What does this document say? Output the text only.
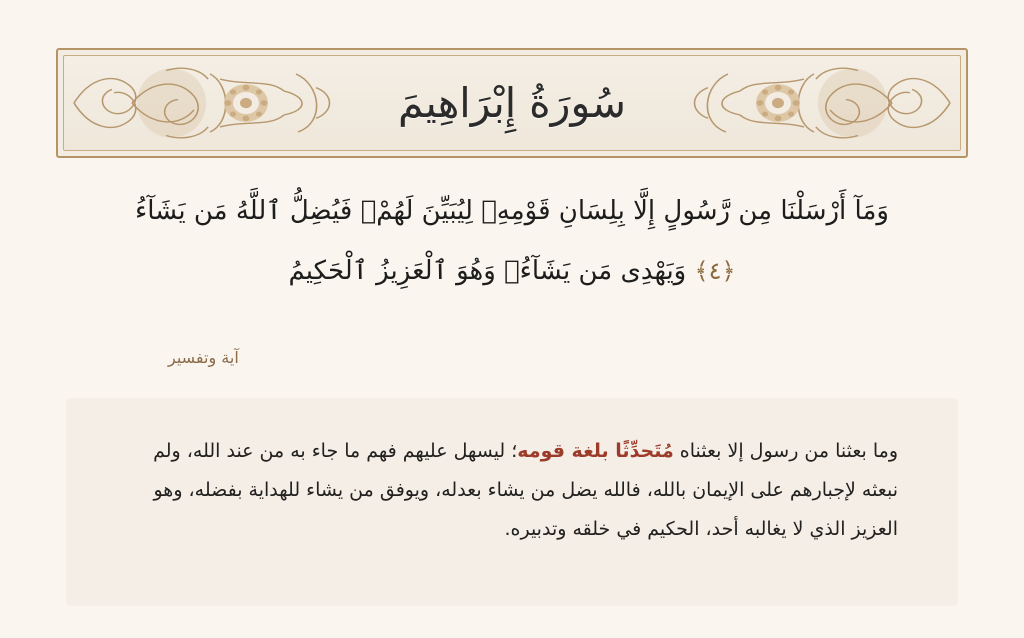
سُورَةُ إِبْرَاهِيمَ
وَمَآ أَرْسَلْنَا مِن رَّسُولٍ إِلَّا بِلِسَانِ قَوْمِهِۦ لِيُبَيِّنَ لَهُمْۖ فَيُضِلُّ ٱللَّهُ مَن يَشَآءُ
﴿٤﴾ وَيَهْدِى مَن يَشَآءُۚ وَهُوَ ٱلْعَزِيزُ ٱلْحَكِيمُ
آية وتفسير

وما بعثنا من رسول إلا بعثناه مُتَحدِّثًا بلغة قومه؛ ليسهل عليهم فهم ما جاء به من عند الله، ولم نبعثه لإجبارهم على الإيمان بالله، فالله يضل من يشاء بعدله، ويوفق من يشاء للهداية بفضله، وهو العزيز الذي لا يغالبه أحد، الحكيم في خلقه وتدبيره.
